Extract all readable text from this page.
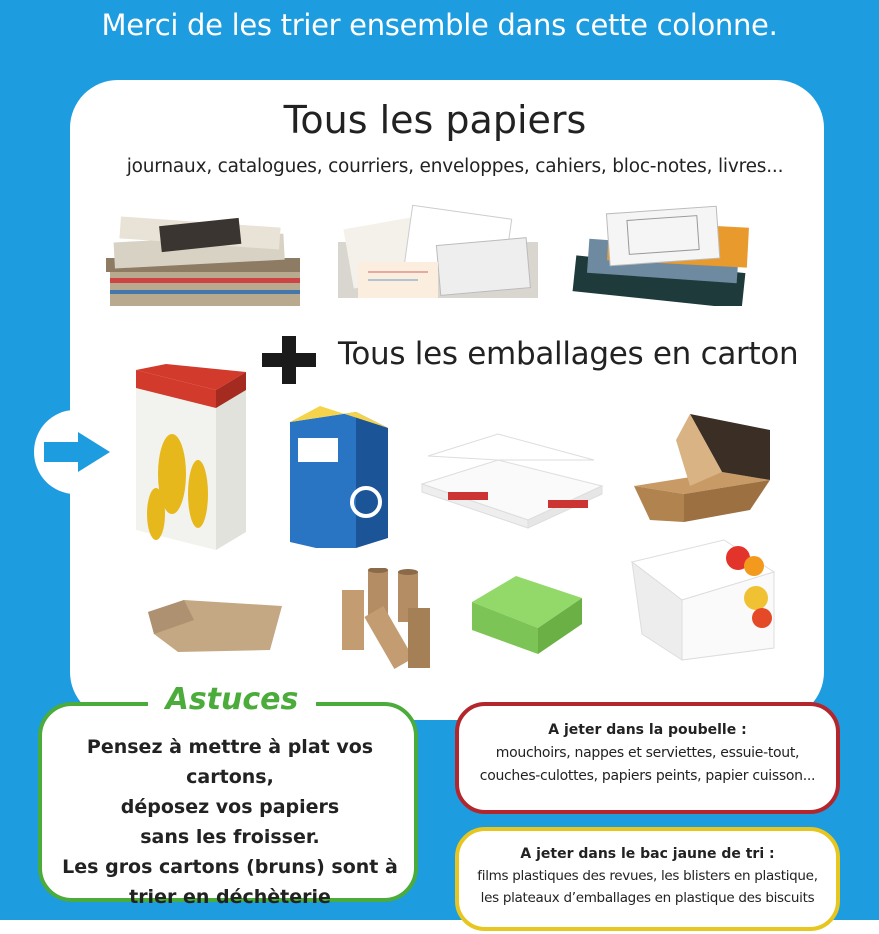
Merci de les trier ensemble dans cette colonne.
Tous les papiers
journaux, catalogues, courriers, enveloppes, cahiers, bloc-notes, livres...
Tous les emballages en carton
Astuces
Pensez à mettre à plat vos cartons,
déposez vos papiers
sans les froisser.
Les gros cartons (bruns) sont à
trier en déchèterie
A jeter dans la poubelle :
mouchoirs, nappes et serviettes, essuie-tout,
couches-culottes, papiers peints, papier cuisson...
A jeter dans le bac jaune de tri :
films plastiques des revues, les blisters en plastique,
les plateaux d’emballages en plastique des biscuits
